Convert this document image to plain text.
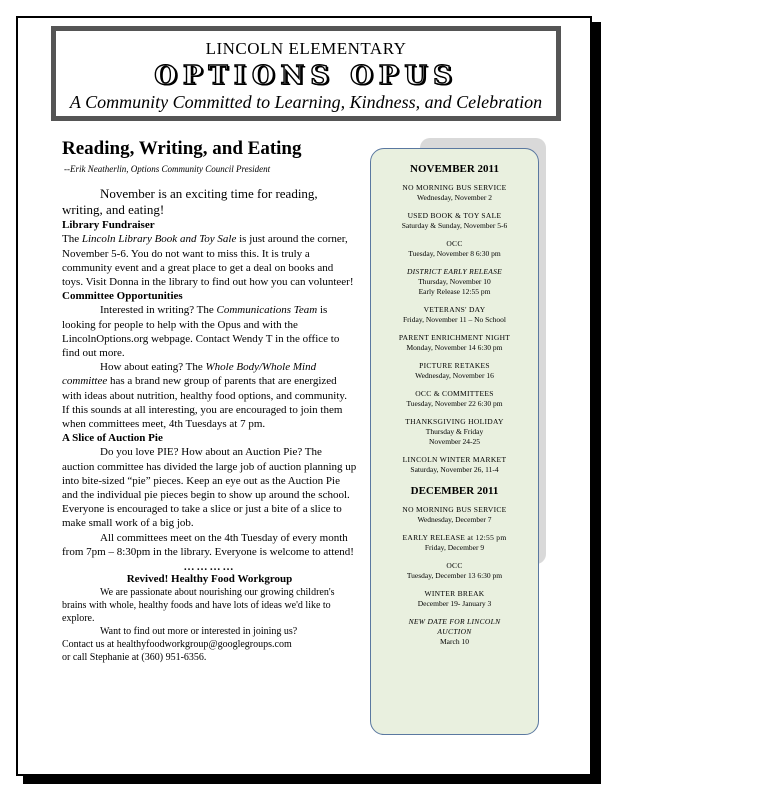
LINCOLN ELEMENTARY
OPTIONS OPUS
A Community Committed to Learning, Kindness, and Celebration
Reading, Writing, and Eating
--Erik Neatherlin, Options Community Council President

November is an exciting time for reading, writing, and eating!

Library Fundraiser

The Lincoln Library Book and Toy Sale is just around the corner, November 5-6. You do not want to miss this. It is truly a community event and a great place to get a deal on books and toys. Visit Donna in the library to find out how you can volunteer!

Committee Opportunities

Interested in writing? The Communications Team is looking for people to help with the Opus and with the LincolnOptions.org webpage. Contact Wendy T in the office to find out more.

How about eating? The Whole Body/Whole Mind committee has a brand new group of parents that are energized with ideas about nutrition, healthy food options, and community. If this sounds at all interesting, you are encouraged to join them when committees meet, 4th Tuesdays at 7 pm.

A Slice of Auction Pie

Do you love PIE? How about an Auction Pie? The auction committee has divided the large job of auction planning up into bite-sized “pie” pieces. Keep an eye out as the Auction Pie and the individual pie pieces begin to show up around the school. Everyone is encouraged to take a slice or just a bite of a slice to make small work of a big job.

All committees meet on the 4th Tuesday of every month from 7pm – 8:30pm in the library. Everyone is welcome to attend!

…………

Revived! Healthy Food Workgroup

We are passionate about nourishing our growing children's brains with whole, healthy foods and have lots of ideas we'd like to explore.

Want to find out more or interested in joining us?

Contact us at healthyfoodworkgroup@googlegroups.com

or call Stephanie at (360) 951-6356.

NOVEMBER 2011
NO MORNING BUS SERVICE
Wednesday, November 2
USED BOOK & TOY SALE
Saturday & Sunday, November 5-6
OCC
Tuesday, November 8 6:30 pm
DISTRICT EARLY RELEASE
Thursday, November 10
Early Release 12:55 pm
VETERANS' DAY
Friday, November 11 – No School
PARENT ENRICHMENT NIGHT
Monday, November 14 6:30 pm
PICTURE RETAKES
Wednesday, November 16
OCC & COMMITTEES
Tuesday, November 22 6:30 pm
THANKSGIVING HOLIDAY
Thursday & Friday
November 24-25
LINCOLN WINTER MARKET
Saturday, November 26, 11-4
DECEMBER 2011
NO MORNING BUS SERVICE
Wednesday, December 7
EARLY RELEASE at 12:55 pm
Friday, December 9
OCC
Tuesday, December 13 6:30 pm
WINTER BREAK
December 19- January 3
NEW DATE FOR LINCOLN AUCTION
March 10
